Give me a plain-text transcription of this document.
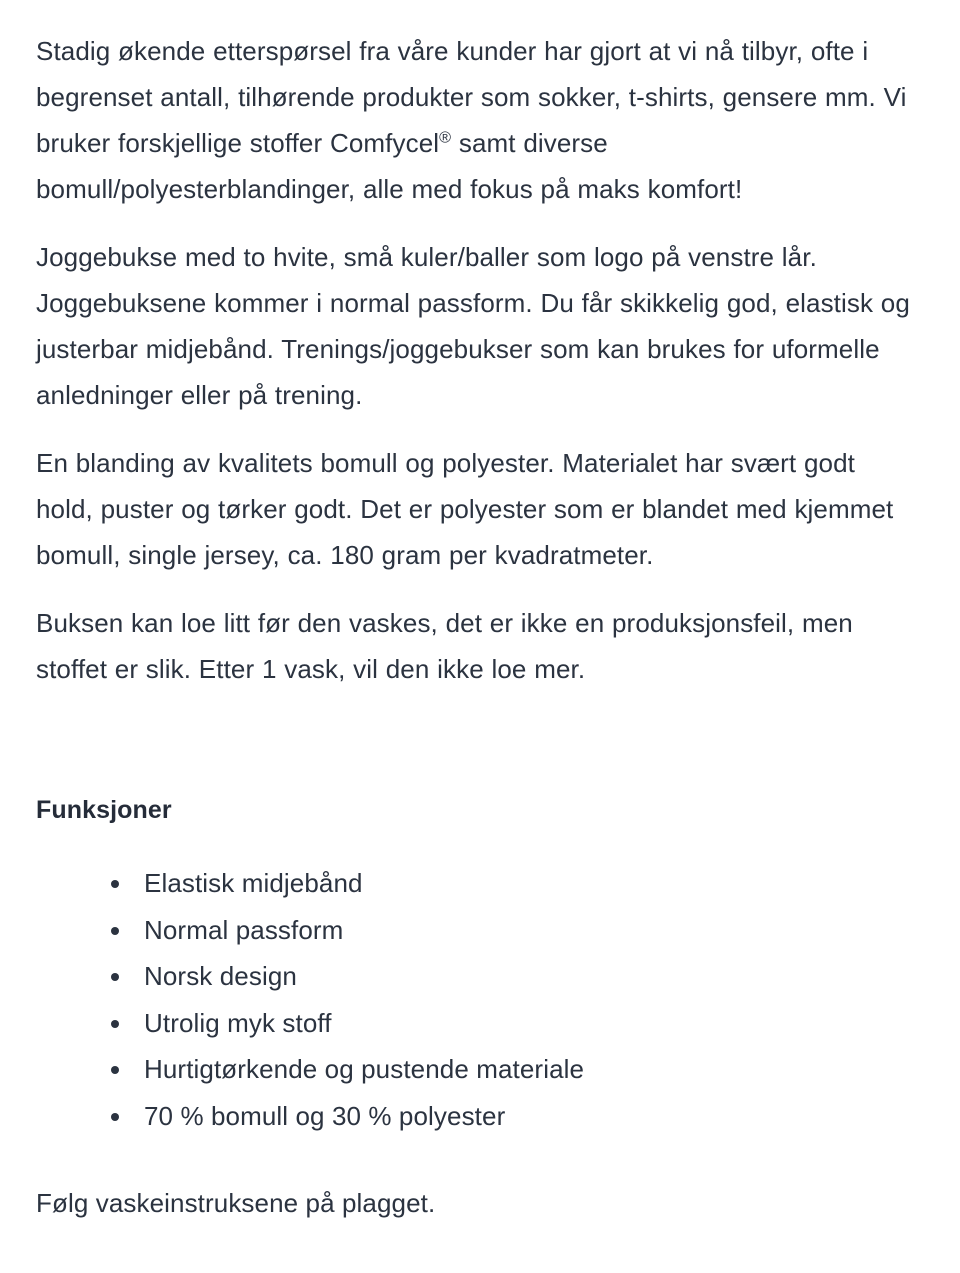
Stadig økende etterspørsel fra våre kunder har gjort at vi nå tilbyr, ofte i begrenset antall, tilhørende produkter som sokker, t-shirts, gensere mm. Vi bruker forskjellige stoffer Comfycel® samt diverse bomull/polyesterblandinger, alle med fokus på maks komfort!

Joggebukse med to hvite, små kuler/baller som logo på venstre lår. Joggebuksene kommer i normal passform. Du får skikkelig god, elastisk og justerbar midjebånd. Trenings/joggebukser som kan brukes for uformelle anledninger eller på trening.

En blanding av kvalitets bomull og polyester. Materialet har svært godt hold, puster og tørker godt. Det er polyester som er blandet med kjemmet bomull, single jersey, ca. 180 gram per kvadratmeter.

Buksen kan loe litt før den vaskes, det er ikke en produksjonsfeil, men stoffet er slik. Etter 1 vask, vil den ikke loe mer.

Funksjoner
Elastisk midjebånd
Normal passform
Norsk design
Utrolig myk stoff
Hurtigtørkende og pustende materiale
70 % bomull og 30 % polyester

Følg vaskeinstruksene på plagget.
